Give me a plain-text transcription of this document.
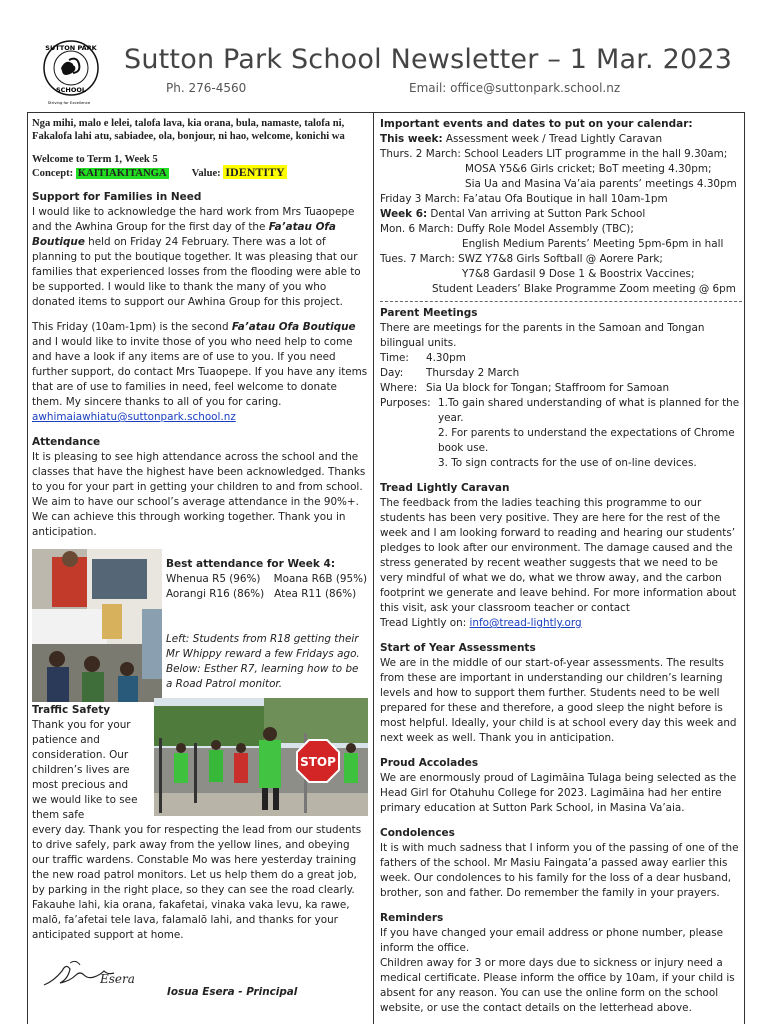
SUTTON PARK
SCHOOL
Striving for Excellence
Sutton Park School Newsletter – 1 Mar. 2023
Ph. 276-4560	Email: office@suttonpark.school.nz

Nga mihi, malo e lelei, talofa lava, kia orana, bula, namaste, talofa ni, Fakalofa lahi atu, sabiadee, ola, bonjour, ni hao, welcome, konichi wa

Welcome to Term 1, Week 5

Concept: KAITIAKITANGA Value: IDENTITY

Support for Families in Need

I would like to acknowledge the hard work from Mrs Tuaopepe and the Awhina Group for the first day of the Fa’atau Ofa Boutique held on Friday 24 February. There was a lot of planning to put the boutique together. It was pleasing that our families that experienced losses from the flooding were able to be supported. I would like to thank the many of you who donated items to support our Awhina Group for this project.

This Friday (10am-1pm) is the second Fa’atau Ofa Boutique and I would like to invite those of you who need help to come and have a look if any items are of use to you. If you need further support, do contact Mrs Tuaopepe. If you have any items that are of use to families in need, feel welcome to donate them. My sincere thanks to all of you for caring.
awhimaiawhiatu@suttonpark.school.nz

Attendance

It is pleasing to see high attendance across the school and the classes that have the highest have been acknowledged. Thanks to you for your part in getting your children to and from school. We aim to have our school’s average attendance in the 90%+. We can achieve this through working together. Thank you in anticipation.

Best attendance for Week 4:

Whenua R5 (96%)    Moana R6B (95%)

Aorangi R16 (86%)   Atea R11 (86%)

Left: Students from R18 getting their Mr Whippy reward a few Fridays ago. Below: Esther R7, learning how to be a Road Patrol monitor.
STOP

Traffic Safety

Thank you for your patience and consideration. Our children’s lives are most precious and we would like to see them safe

every day. Thank you for respecting the lead from our students to drive safely, park away from the yellow lines, and obeying our traffic wardens. Constable Mo was here yesterday training the new road patrol monitors. Let us help them do a great job, by parking in the right place, so they can see the road clearly. Fakauhe lahi, kia orana, fakafetai, vinaka vaka levu, ka rawe, malō, fa’afetai tele lava, falamalō lahi, and thanks for your anticipated support at home.

Esera
Iosua Esera - Principal

Important events and dates to put on your calendar:

This week: Assessment week / Tread Lightly Caravan

Thurs. 2 March: School Leaders LIT programme in the hall 9.30am;

MOSA Y5&6 Girls cricket; BoT meeting 4.30pm;

Sia Ua and Masina Va’aia parents’ meetings 4.30pm

Friday 3 March: Fa’atau Ofa Boutique in hall 10am-1pm

Week 6: Dental Van arriving at Sutton Park School

Mon. 6 March: Duffy Role Model Assembly (TBC);

English Medium Parents’ Meeting 5pm-6pm in hall

Tues. 7 March: SWZ Y7&8 Girls Softball @ Aorere Park;

Y7&8 Gardasil 9 Dose 1 & Boostrix Vaccines;

Student Leaders’ Blake Programme Zoom meeting @ 6pm

Parent Meetings

There are meetings for the parents in the Samoan and Tongan bilingual units.

Time: 4.30pm

Day: Thursday 2 March

Where: Sia Ua block for Tongan; Staffroom for Samoan

Purposes: 1.To gain shared understanding of what is planned for the year.

2. For parents to understand the expectations of Chrome book use.

3. To sign contracts for the use of on-line devices.

Tread Lightly Caravan

The feedback from the ladies teaching this programme to our students has been very positive. They are here for the rest of the week and I am looking forward to reading and hearing our students’ pledges to look after our environment. The damage caused and the stress generated by recent weather suggests that we need to be very mindful of what we do, what we throw away, and the carbon footprint we generate and leave behind. For more information about this visit, ask your classroom teacher or contact

Tread Lightly on: info@tread-lightly.org

Start of Year Assessments

We are in the middle of our start-of-year assessments. The results from these are important in understanding our children’s learning levels and how to support them further. Students need to be well prepared for these and therefore, a good sleep the night before is most helpful. Ideally, your child is at school every day this week and next week as well. Thank you in anticipation.

Proud Accolades

We are enormously proud of Lagimāina Tulaga being selected as the Head Girl for Otahuhu College for 2023. Lagimāina had her entire primary education at Sutton Park School, in Masina Va’aia.

Condolences

It is with much sadness that I inform you of the passing of one of the fathers of the school. Mr Masiu Faingata’a passed away earlier this week. Our condolences to his family for the loss of a dear husband, brother, son and father. Do remember the family in your prayers.

Reminders

If you have changed your email address or phone number, please inform the office.

Children away for 3 or more days due to sickness or injury need a medical certificate. Please inform the office by 10am, if your child is absent for any reason. You can use the online form on the school website, or use the contact details on the letterhead above.
